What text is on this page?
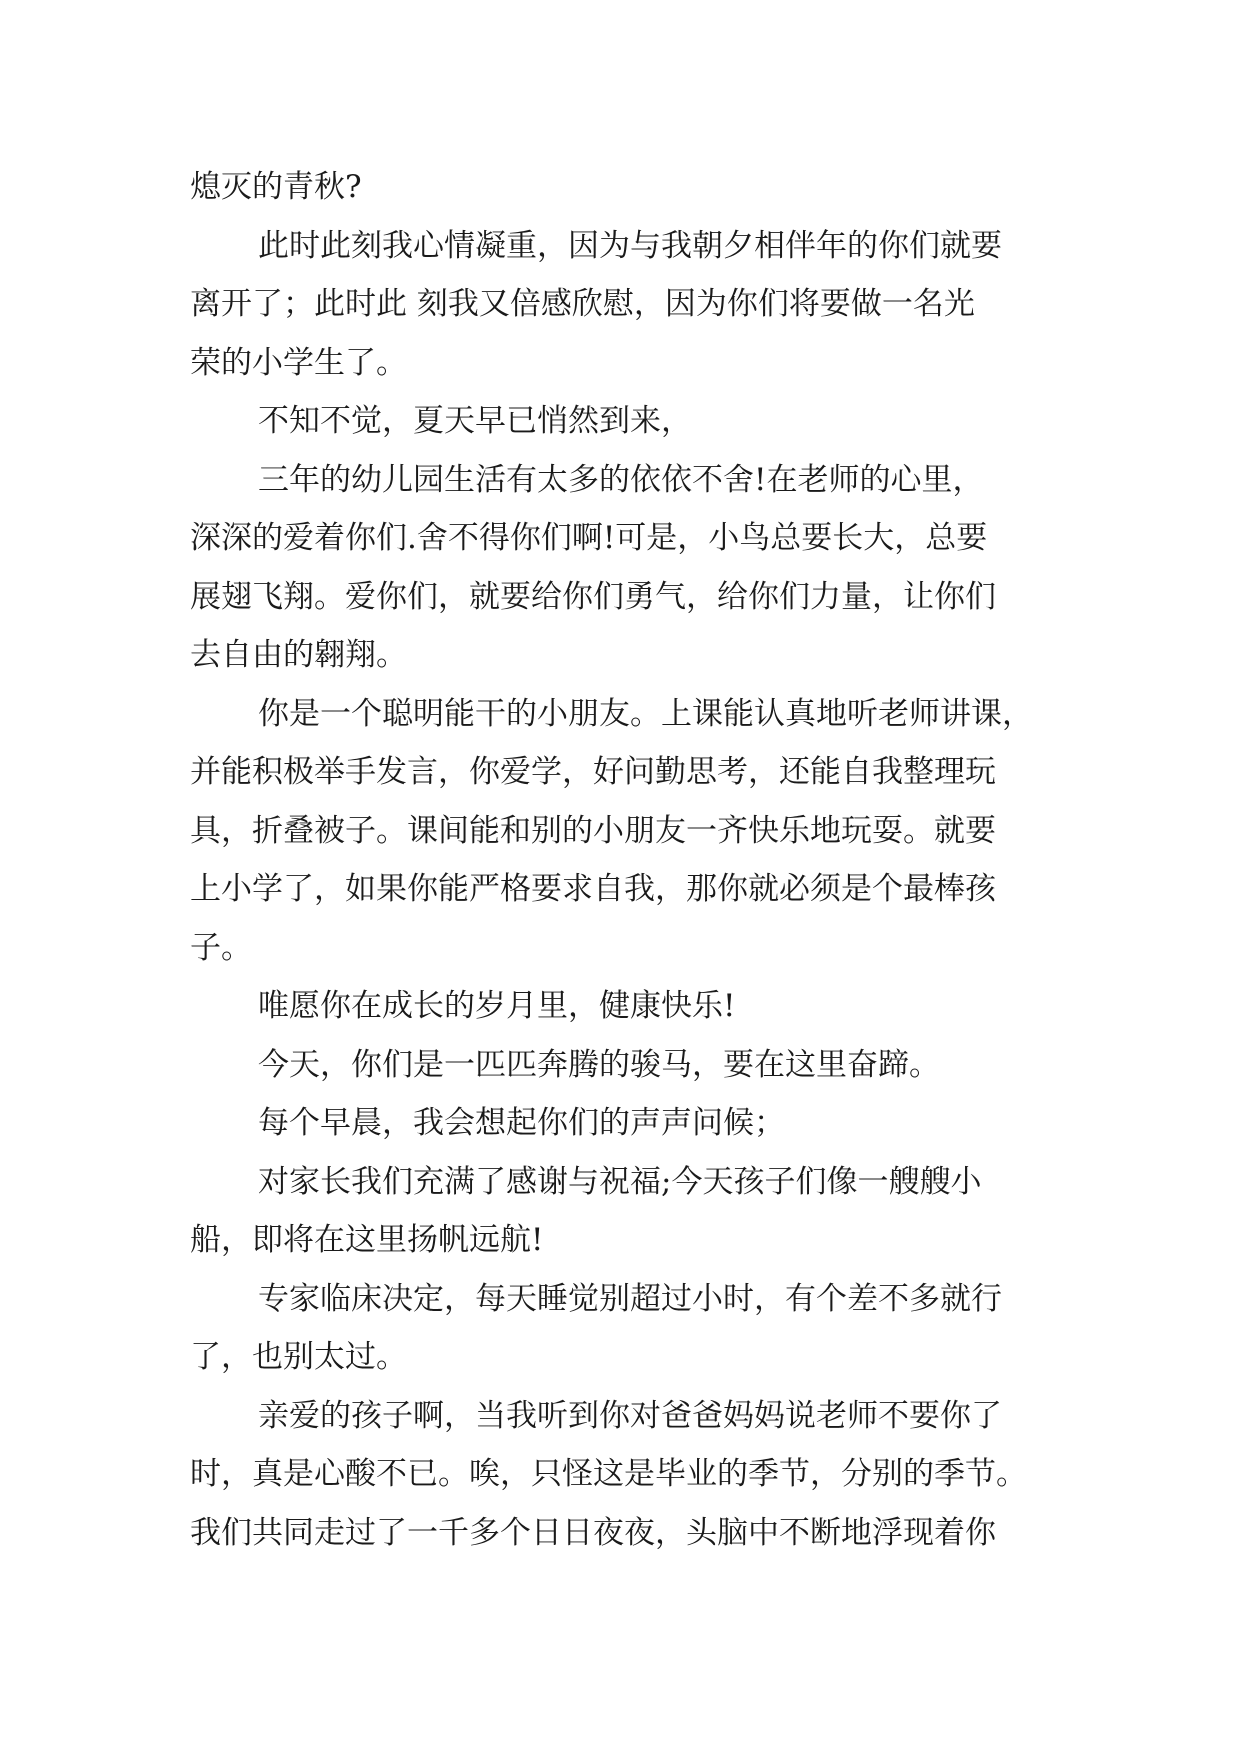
熄灭的青秋?
此时此刻我心情凝重，因为与我朝夕相伴年的你们就要
离开了；此时此 刻我又倍感欣慰，因为你们将要做一名光
荣的小学生了。
不知不觉，夏天早已悄然到来，
三年的幼儿园生活有太多的依依不舍!在老师的心里，
深深的爱着你们.舍不得你们啊!可是，小鸟总要长大，总要
展翅飞翔。爱你们，就要给你们勇气，给你们力量，让你们
去自由的翱翔。
你是一个聪明能干的小朋友。上课能认真地听老师讲课，
并能积极举手发言，你爱学，好问勤思考，还能自我整理玩
具，折叠被子。课间能和别的小朋友一齐快乐地玩耍。就要
上小学了，如果你能严格要求自我，那你就必须是个最棒孩
子。
唯愿你在成长的岁月里，健康快乐!
今天，你们是一匹匹奔腾的骏马，要在这里奋蹄。
每个早晨，我会想起你们的声声问候；
对家长我们充满了感谢与祝福;今天孩子们像一艘艘小
船，即将在这里扬帆远航!
专家临床决定，每天睡觉别超过小时，有个差不多就行
了，也别太过。
亲爱的孩子啊，当我听到你对爸爸妈妈说老师不要你了
时，真是心酸不已。唉，只怪这是毕业的季节，分别的季节。
我们共同走过了一千多个日日夜夜，头脑中不断地浮现着你
